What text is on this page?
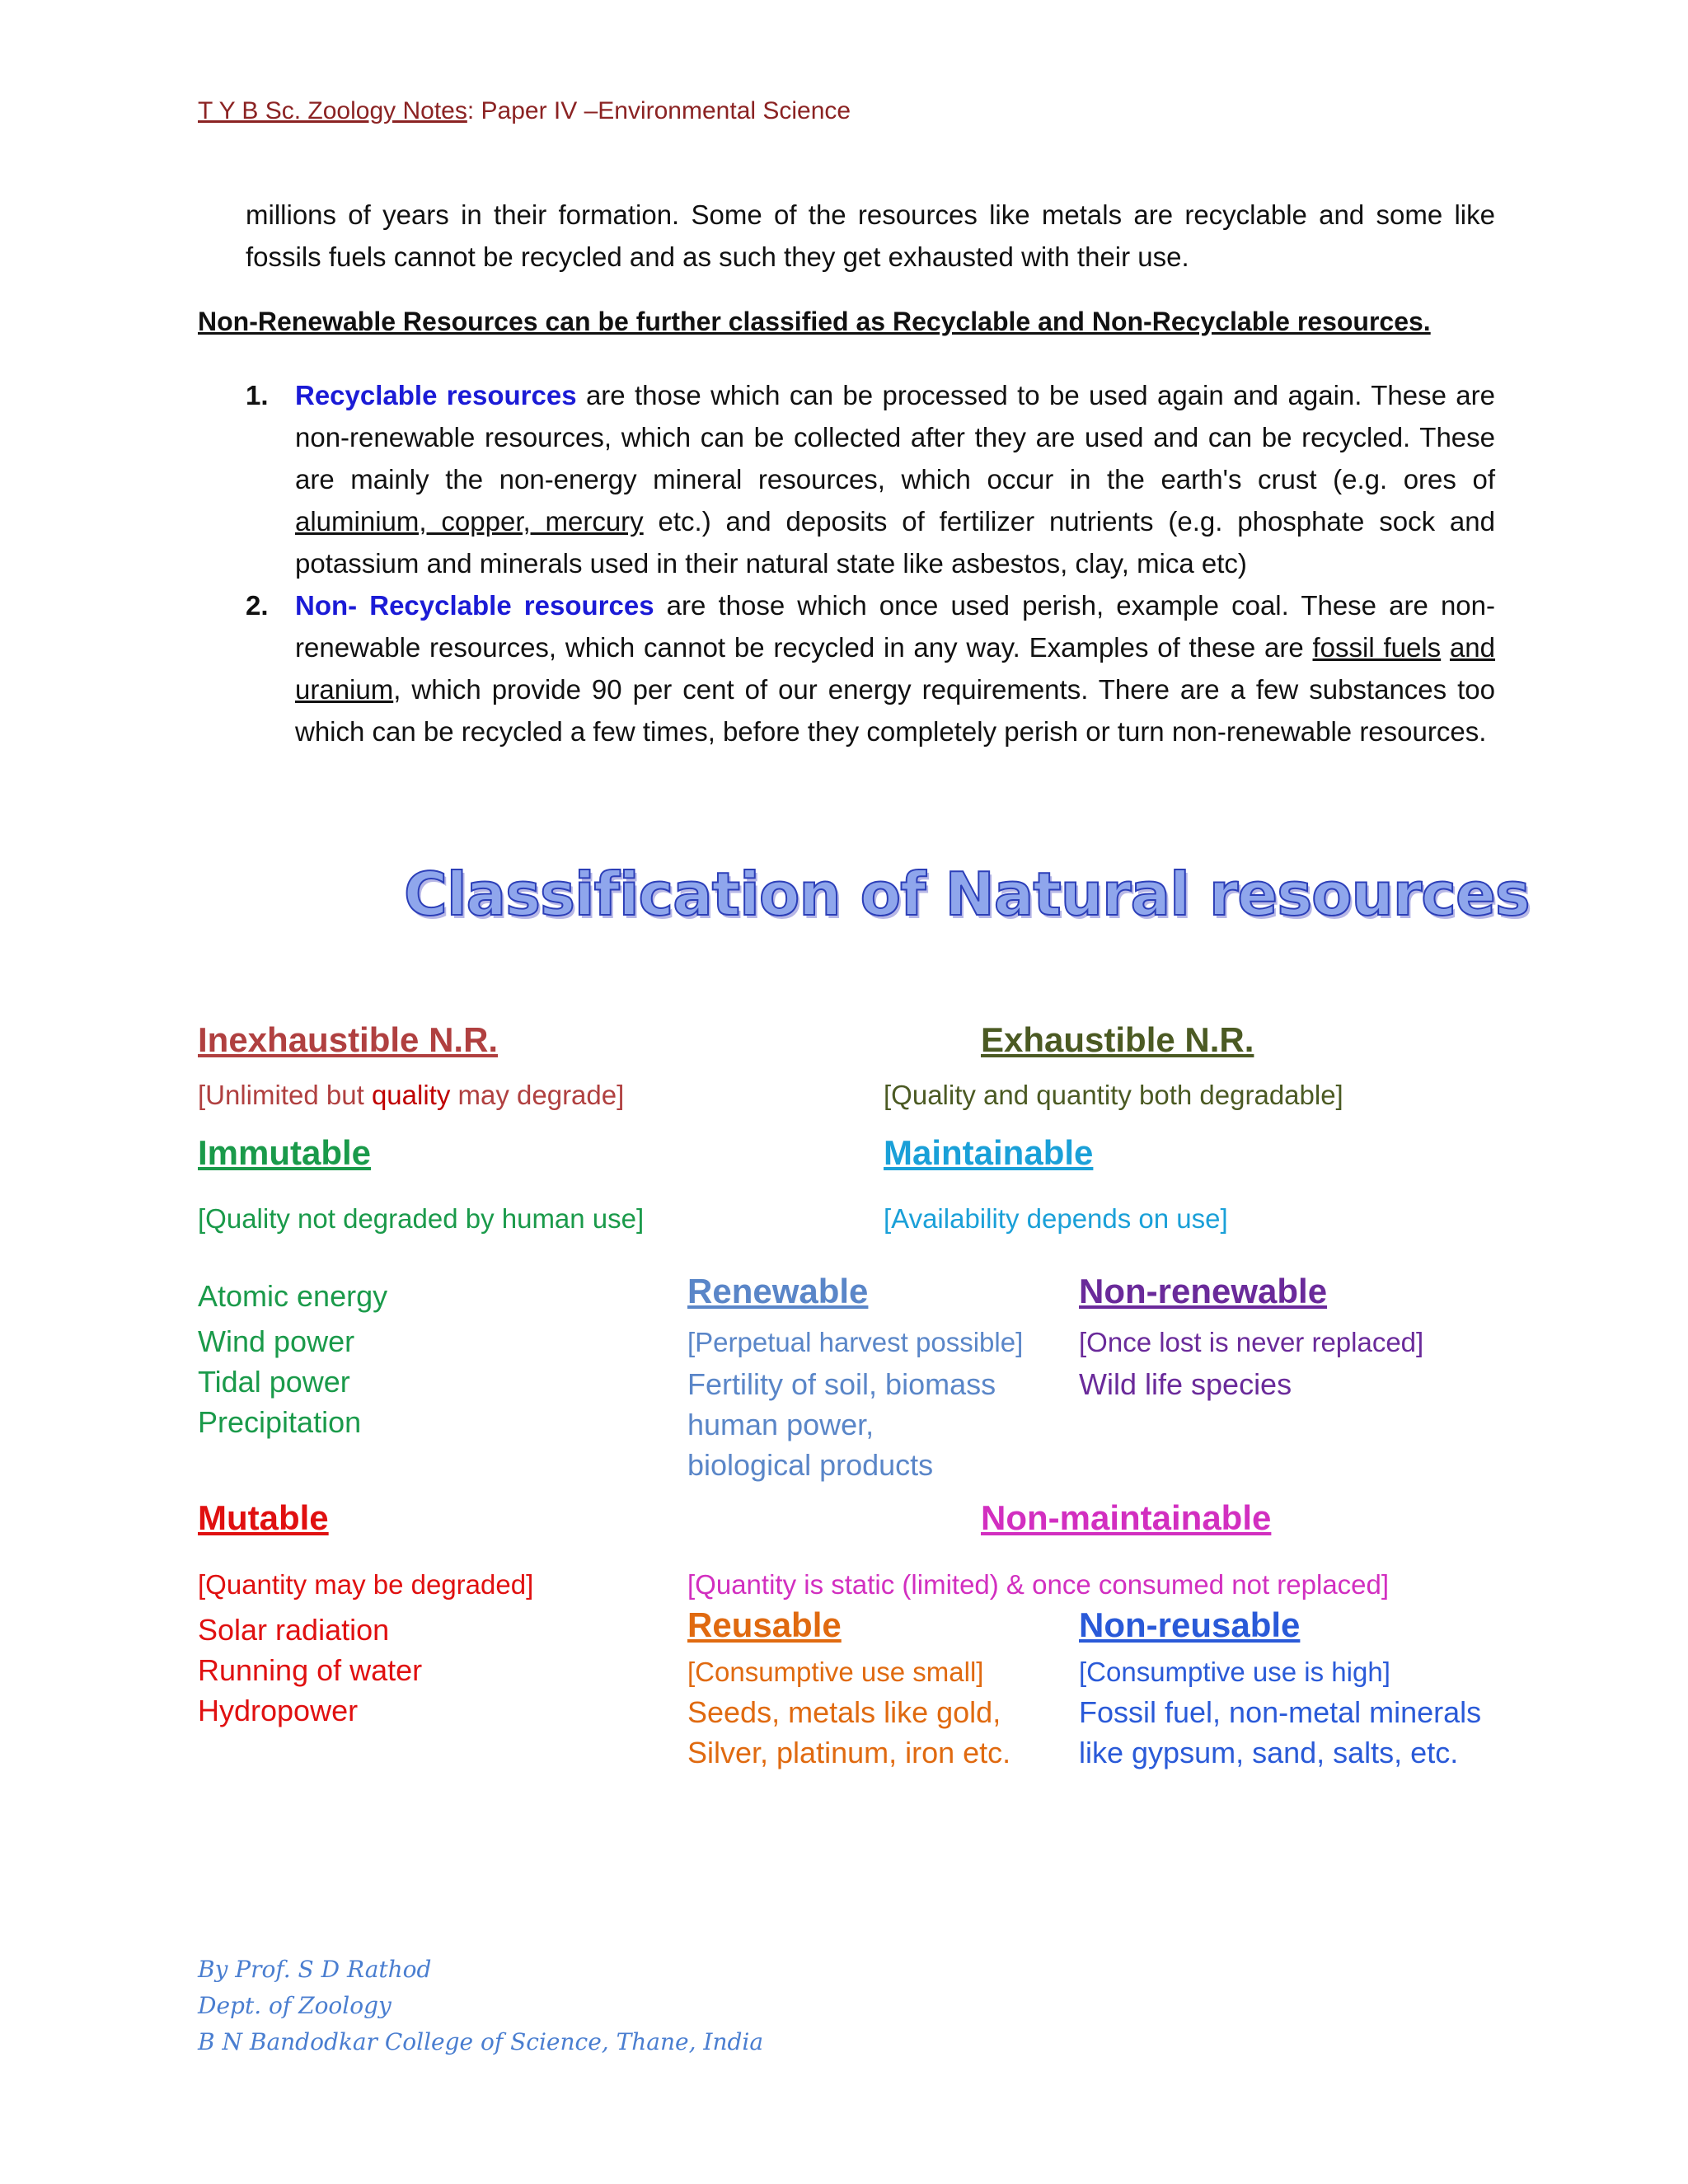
T Y B Sc. Zoology Notes: Paper IV –Environmental Science
millions of years in their formation. Some of the resources like metals are recyclable and some like fossils fuels cannot be recycled and as such they get exhausted with their use.
Non-Renewable Resources can be further classified as Recyclable and Non-Recyclable resources.
1. Recyclable resources are those which can be processed to be used again and again. These are non-renewable resources, which can be collected after they are used and can be recycled. These are mainly the non-energy mineral resources, which occur in the earth's crust (e.g. ores of aluminium, copper, mercury etc.) and deposits of fertilizer nutrients (e.g. phosphate sock and potassium and minerals used in their natural state like asbestos, clay, mica etc)
2. Non- Recyclable resources are those which once used perish, example coal. These are non-renewable resources, which cannot be recycled in any way. Examples of these are fossil fuels and uranium, which provide 90 per cent of our energy requirements. There are a few substances too which can be recycled a few times, before they completely perish or turn non-renewable resources.
Classification of Natural resources
Inexhaustible N.R.
[Unlimited but quality may degrade]
Exhaustible N.R.
[Quality and quantity both degradable]
Immutable
[Quality not degraded by human use]
Atomic energy
Wind power
Tidal power
Precipitation
Maintainable
[Availability depends on use]
Renewable
[Perpetual harvest possible]
Fertility of soil, biomass
human power,
biological products
Non-renewable
[Once lost is never replaced]
Wild life species
Mutable
[Quantity may be degraded]
Solar radiation
Running of water
Hydropower
Non-maintainable
[Quantity is static (limited) & once consumed not replaced]
Reusable
[Consumptive use small]
Seeds, metals like gold,
Silver, platinum, iron etc.
Non-reusable
[Consumptive use is high]
Fossil fuel, non-metal minerals
like gypsum, sand, salts, etc.
By Prof. S D Rathod
Dept. of Zoology
B N Bandodkar College of Science, Thane, India
